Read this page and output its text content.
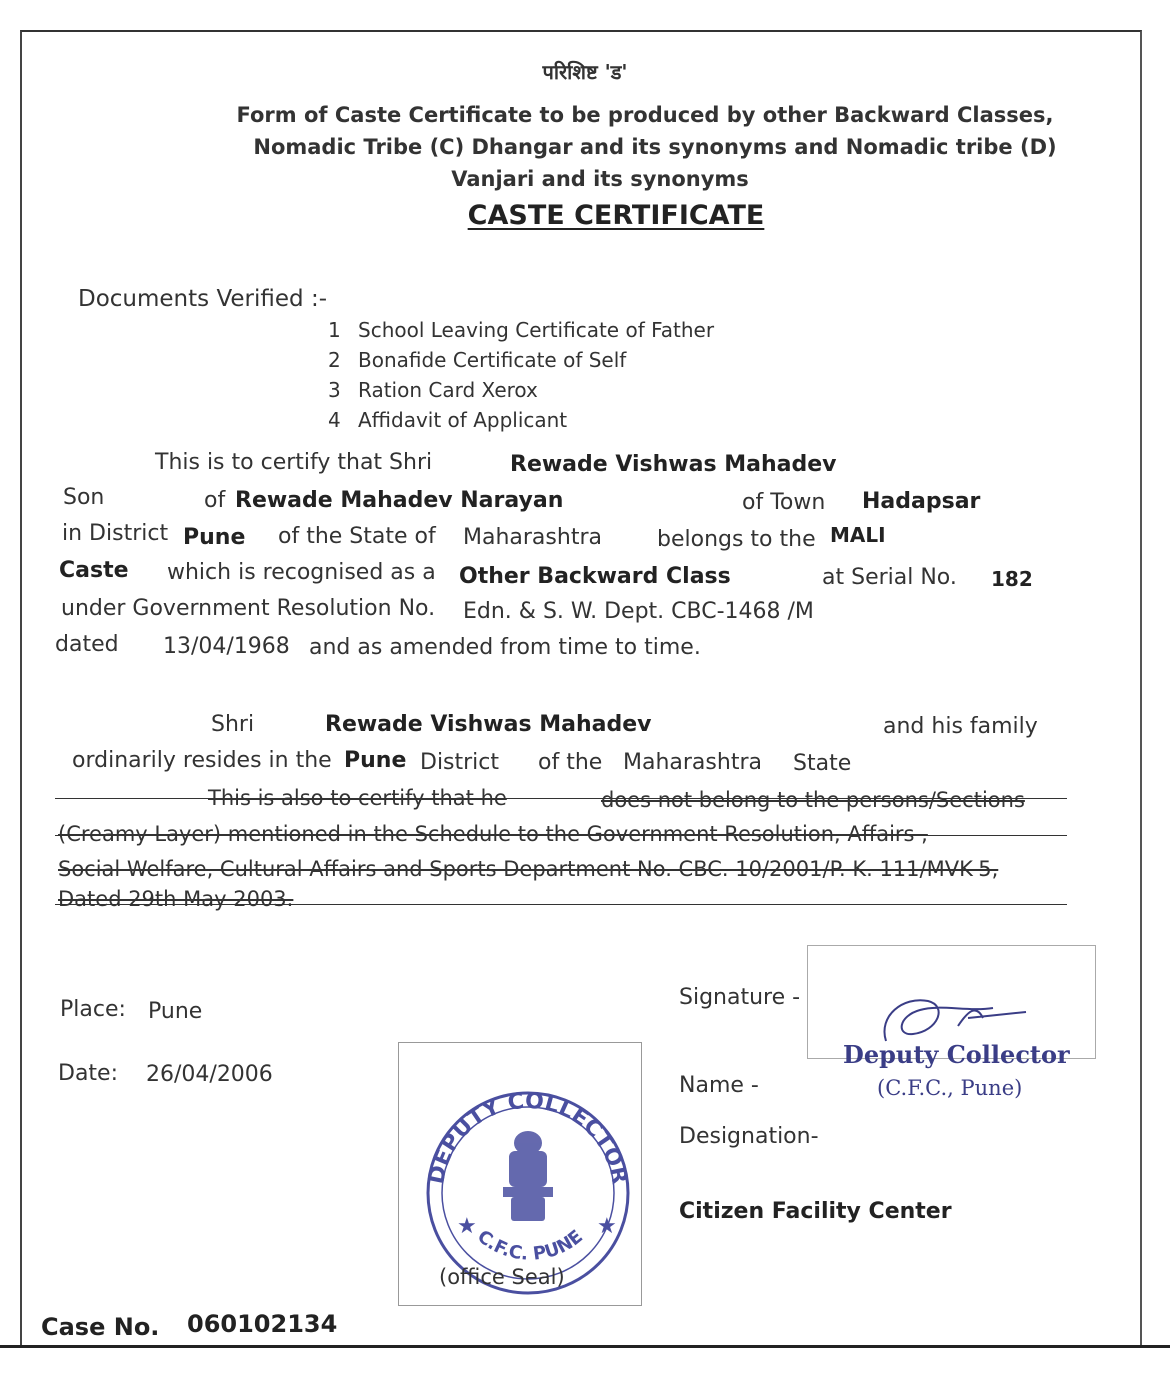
परिशिष्ट 'ड'
Form of Caste Certificate to be produced by other Backward Classes,
Nomadic Tribe (C) Dhangar and its synonyms and Nomadic tribe (D)
Vanjari and its synonyms
CASTE CERTIFICATE
Documents Verified :-
1 School Leaving Certificate of Father
2 Bonafide Certificate of Self
3 Ration Card Xerox
4 Affidavit of Applicant
This is to certify that Shri	Rewade Vishwas Mahadev
Son	of Rewade Mahadev Narayan	of Town Hadapsar
in District Pune of the State of Maharashtra	belongs to the MALI
Caste which is recognised as a Other Backward Class	at Serial No. 182
under Government Resolution No. Edn. & S. W. Dept. CBC-1468 /M
dated 13/04/1968 and as amended from time to time.
Shri	Rewade Vishwas Mahadev	and his family
ordinarily resides in the Pune District of the Maharashtra State
This is also to certify that he	does not belong to the persons/Sections
(Creamy Layer) mentioned in the Schedule to the Government Resolution, Affairs ,
Social Welfare, Cultural Affairs and Sports Department No. CBC. 10/2001/P. K. 111/MVK-5,
Dated 29th May 2003.
Place: Pune
Date: 26/04/2006
DEPUTY COLLECTOR
C.F.C. PUNE
★	★
(office Seal)
Signature -
Name -
Designation-
Citizen Facility Center
Deputy Collector
(C.F.C., Pune)
Case No. 060102134
